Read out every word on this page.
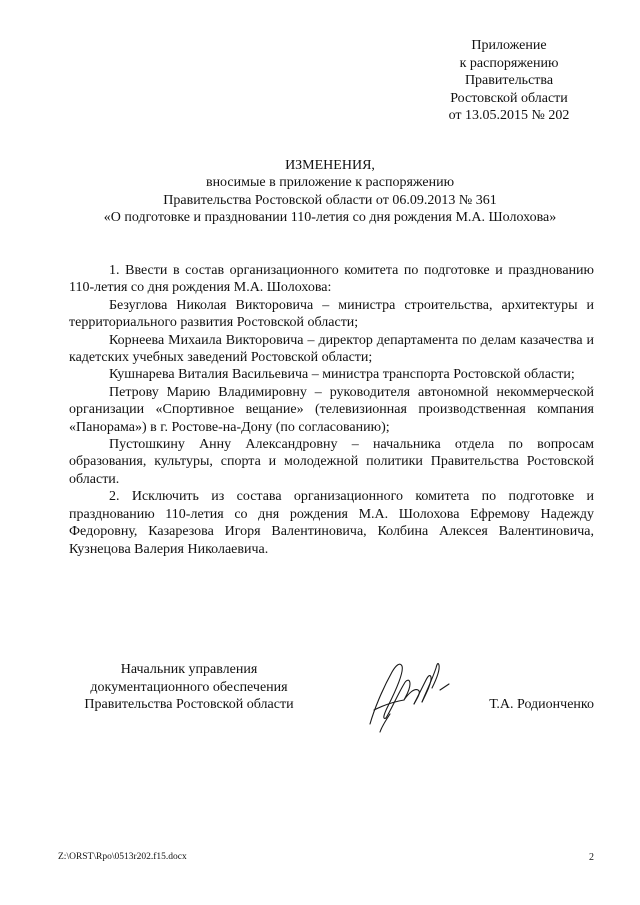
Приложение
к распоряжению
Правительства
Ростовской области
от 13.05.2015 № 202
ИЗМЕНЕНИЯ,
вносимые в приложение к распоряжению
Правительства Ростовской области от 06.09.2013 № 361
«О подготовке и праздновании 110-летия со дня рождения М.А. Шолохова»

1. Ввести в состав организационного комитета по подготовке и празднованию 110-летия со дня рождения М.А. Шолохова:

Безуглова Николая Викторовича – министра строительства, архитектуры и территориального развития Ростовской области;

Корнеева Михаила Викторовича – директор департамента по делам казачества и кадетских учебных заведений Ростовской области;

Кушнарева Виталия Васильевича – министра транспорта Ростовской области;

Петрову Марию Владимировну – руководителя автономной некоммерческой организации «Спортивное вещание» (телевизионная производственная компания «Панорама») в г. Ростове-на-Дону (по согласованию);

Пустошкину Анну Александровну – начальника отдела по вопросам образования, культуры, спорта и молодежной политики Правительства Ростовской области.

2. Исключить из состава организационного комитета по подготовке и празднованию 110-летия со дня рождения М.А. Шолохова Ефремову Надежду Федоровну, Казарезова Игоря Валентиновича, Колбина Алексея Валентиновича, Кузнецова Валерия Николаевича.

Начальник управления
документационного обеспечения
Правительства Ростовской области	Т.А. Родионченко
Z:\ORST\Rpo\0513r202.f15.docx	2
